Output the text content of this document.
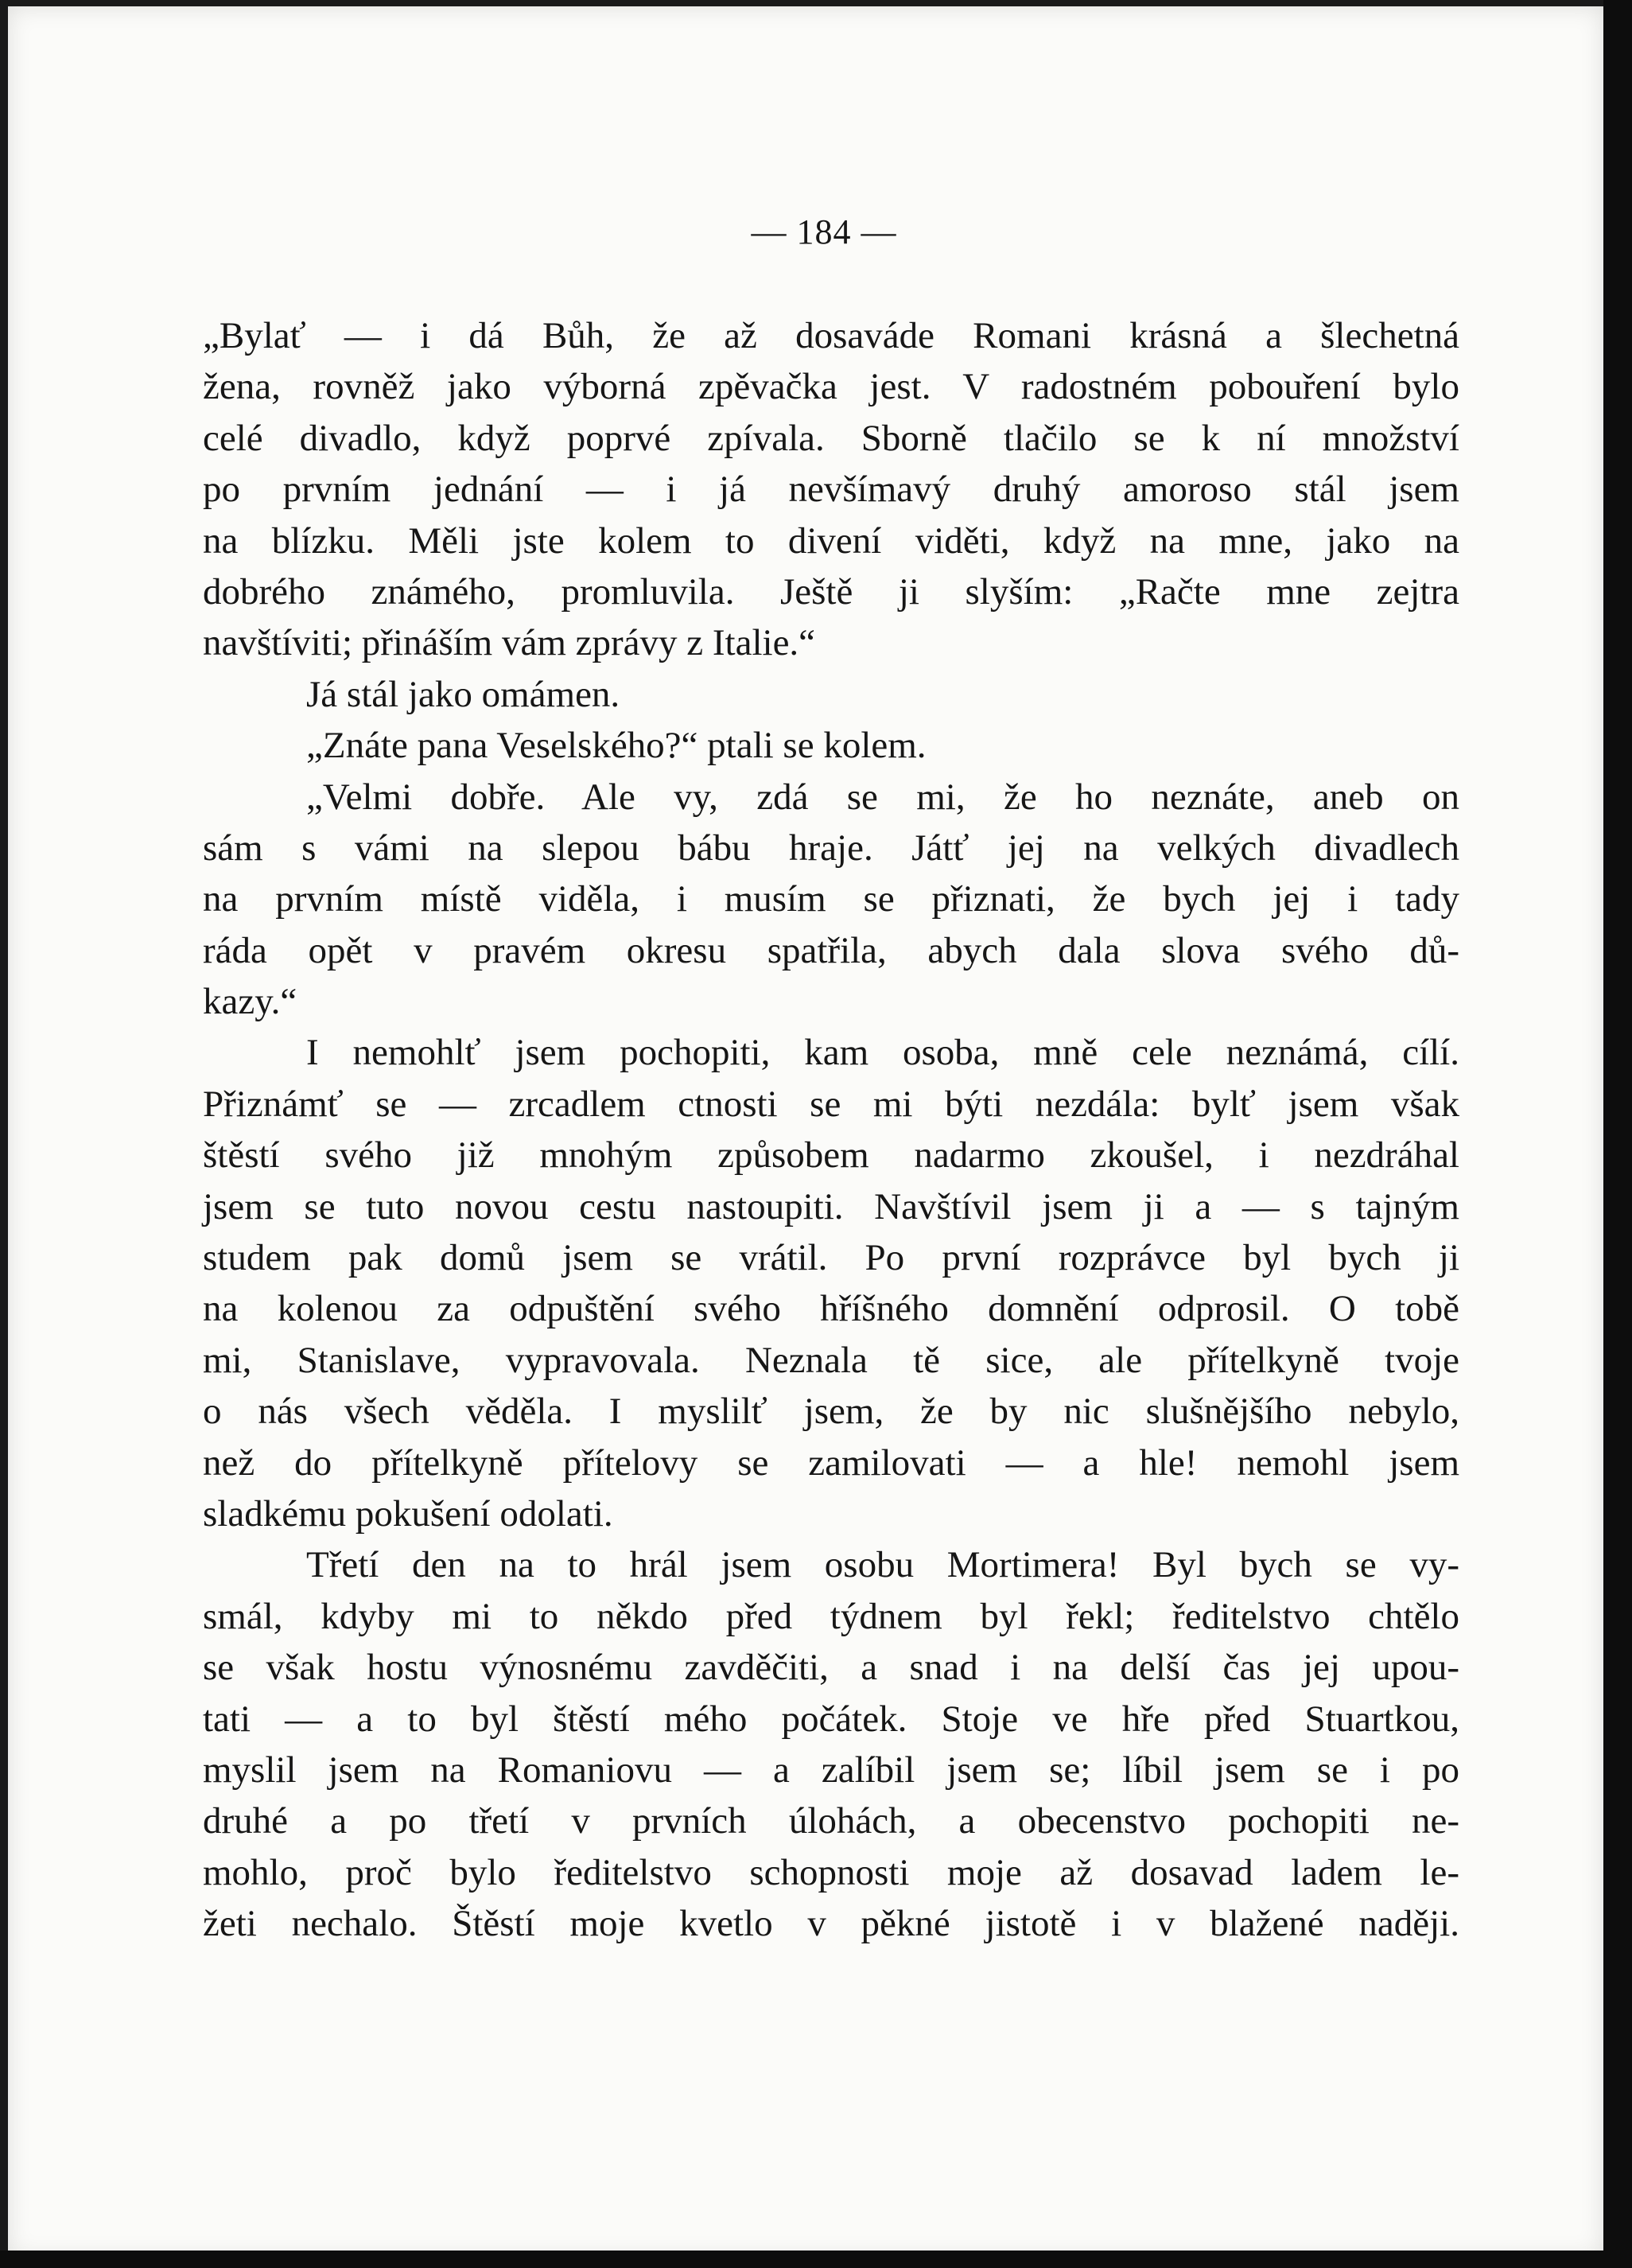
— 184 —
„Bylať — i dá Bůh, že až dosaváde Romani krásná a šlechetná
žena, rovněž jako výborná zpěvačka jest. V radostném pobouření bylo
celé divadlo, když poprvé zpívala. Sborně tlačilo se k ní množství
po prvním jednání — i já nevšímavý druhý amoroso stál jsem
na blízku. Měli jste kolem to divení viděti, když na mne, jako na
dobrého známého, promluvila. Ještě ji slyším: „Račte mne zejtra
navštíviti; přináším vám zprávy z Italie.“
Já stál jako omámen.
„Znáte pana Veselského?“ ptali se kolem.
„Velmi dobře. Ale vy, zdá se mi, že ho neznáte, aneb on
sám s vámi na slepou bábu hraje. Játť jej na velkých divadlech
na prvním místě viděla, i musím se přiznati, že bych jej i tady
ráda opět v pravém okresu spatřila, abych dala slova svého dů-
kazy.“
I nemohlť jsem pochopiti, kam osoba, mně cele neznámá, cílí.
Přiznámť se — zrcadlem ctnosti se mi býti nezdála: bylť jsem však
štěstí svého již mnohým způsobem nadarmo zkoušel, i nezdráhal
jsem se tuto novou cestu nastoupiti. Navštívil jsem ji a — s tajným
studem pak domů jsem se vrátil. Po první rozprávce byl bych ji
na kolenou za odpuštění svého hříšného domnění odprosil. O tobě
mi, Stanislave, vypravovala. Neznala tě sice, ale přítelkyně tvoje
o nás všech věděla. I myslilť jsem, že by nic slušnějšího nebylo,
než do přítelkyně přítelovy se zamilovati — a hle! nemohl jsem
sladkému pokušení odolati.
Třetí den na to hrál jsem osobu Mortimera! Byl bych se vy-
smál, kdyby mi to někdo před týdnem byl řekl; ředitelstvo chtělo
se však hostu výnosnému zavděčiti, a snad i na delší čas jej upou-
tati — a to byl štěstí mého počátek. Stoje ve hře před Stuartkou,
myslil jsem na Romaniovu — a zalíbil jsem se; líbil jsem se i po
druhé a po třetí v prvních úlohách, a obecenstvo pochopiti ne-
mohlo, proč bylo ředitelstvo schopnosti moje až dosavad ladem le-
žeti nechalo. Štěstí moje kvetlo v pěkné jistotě i v blažené naději.
